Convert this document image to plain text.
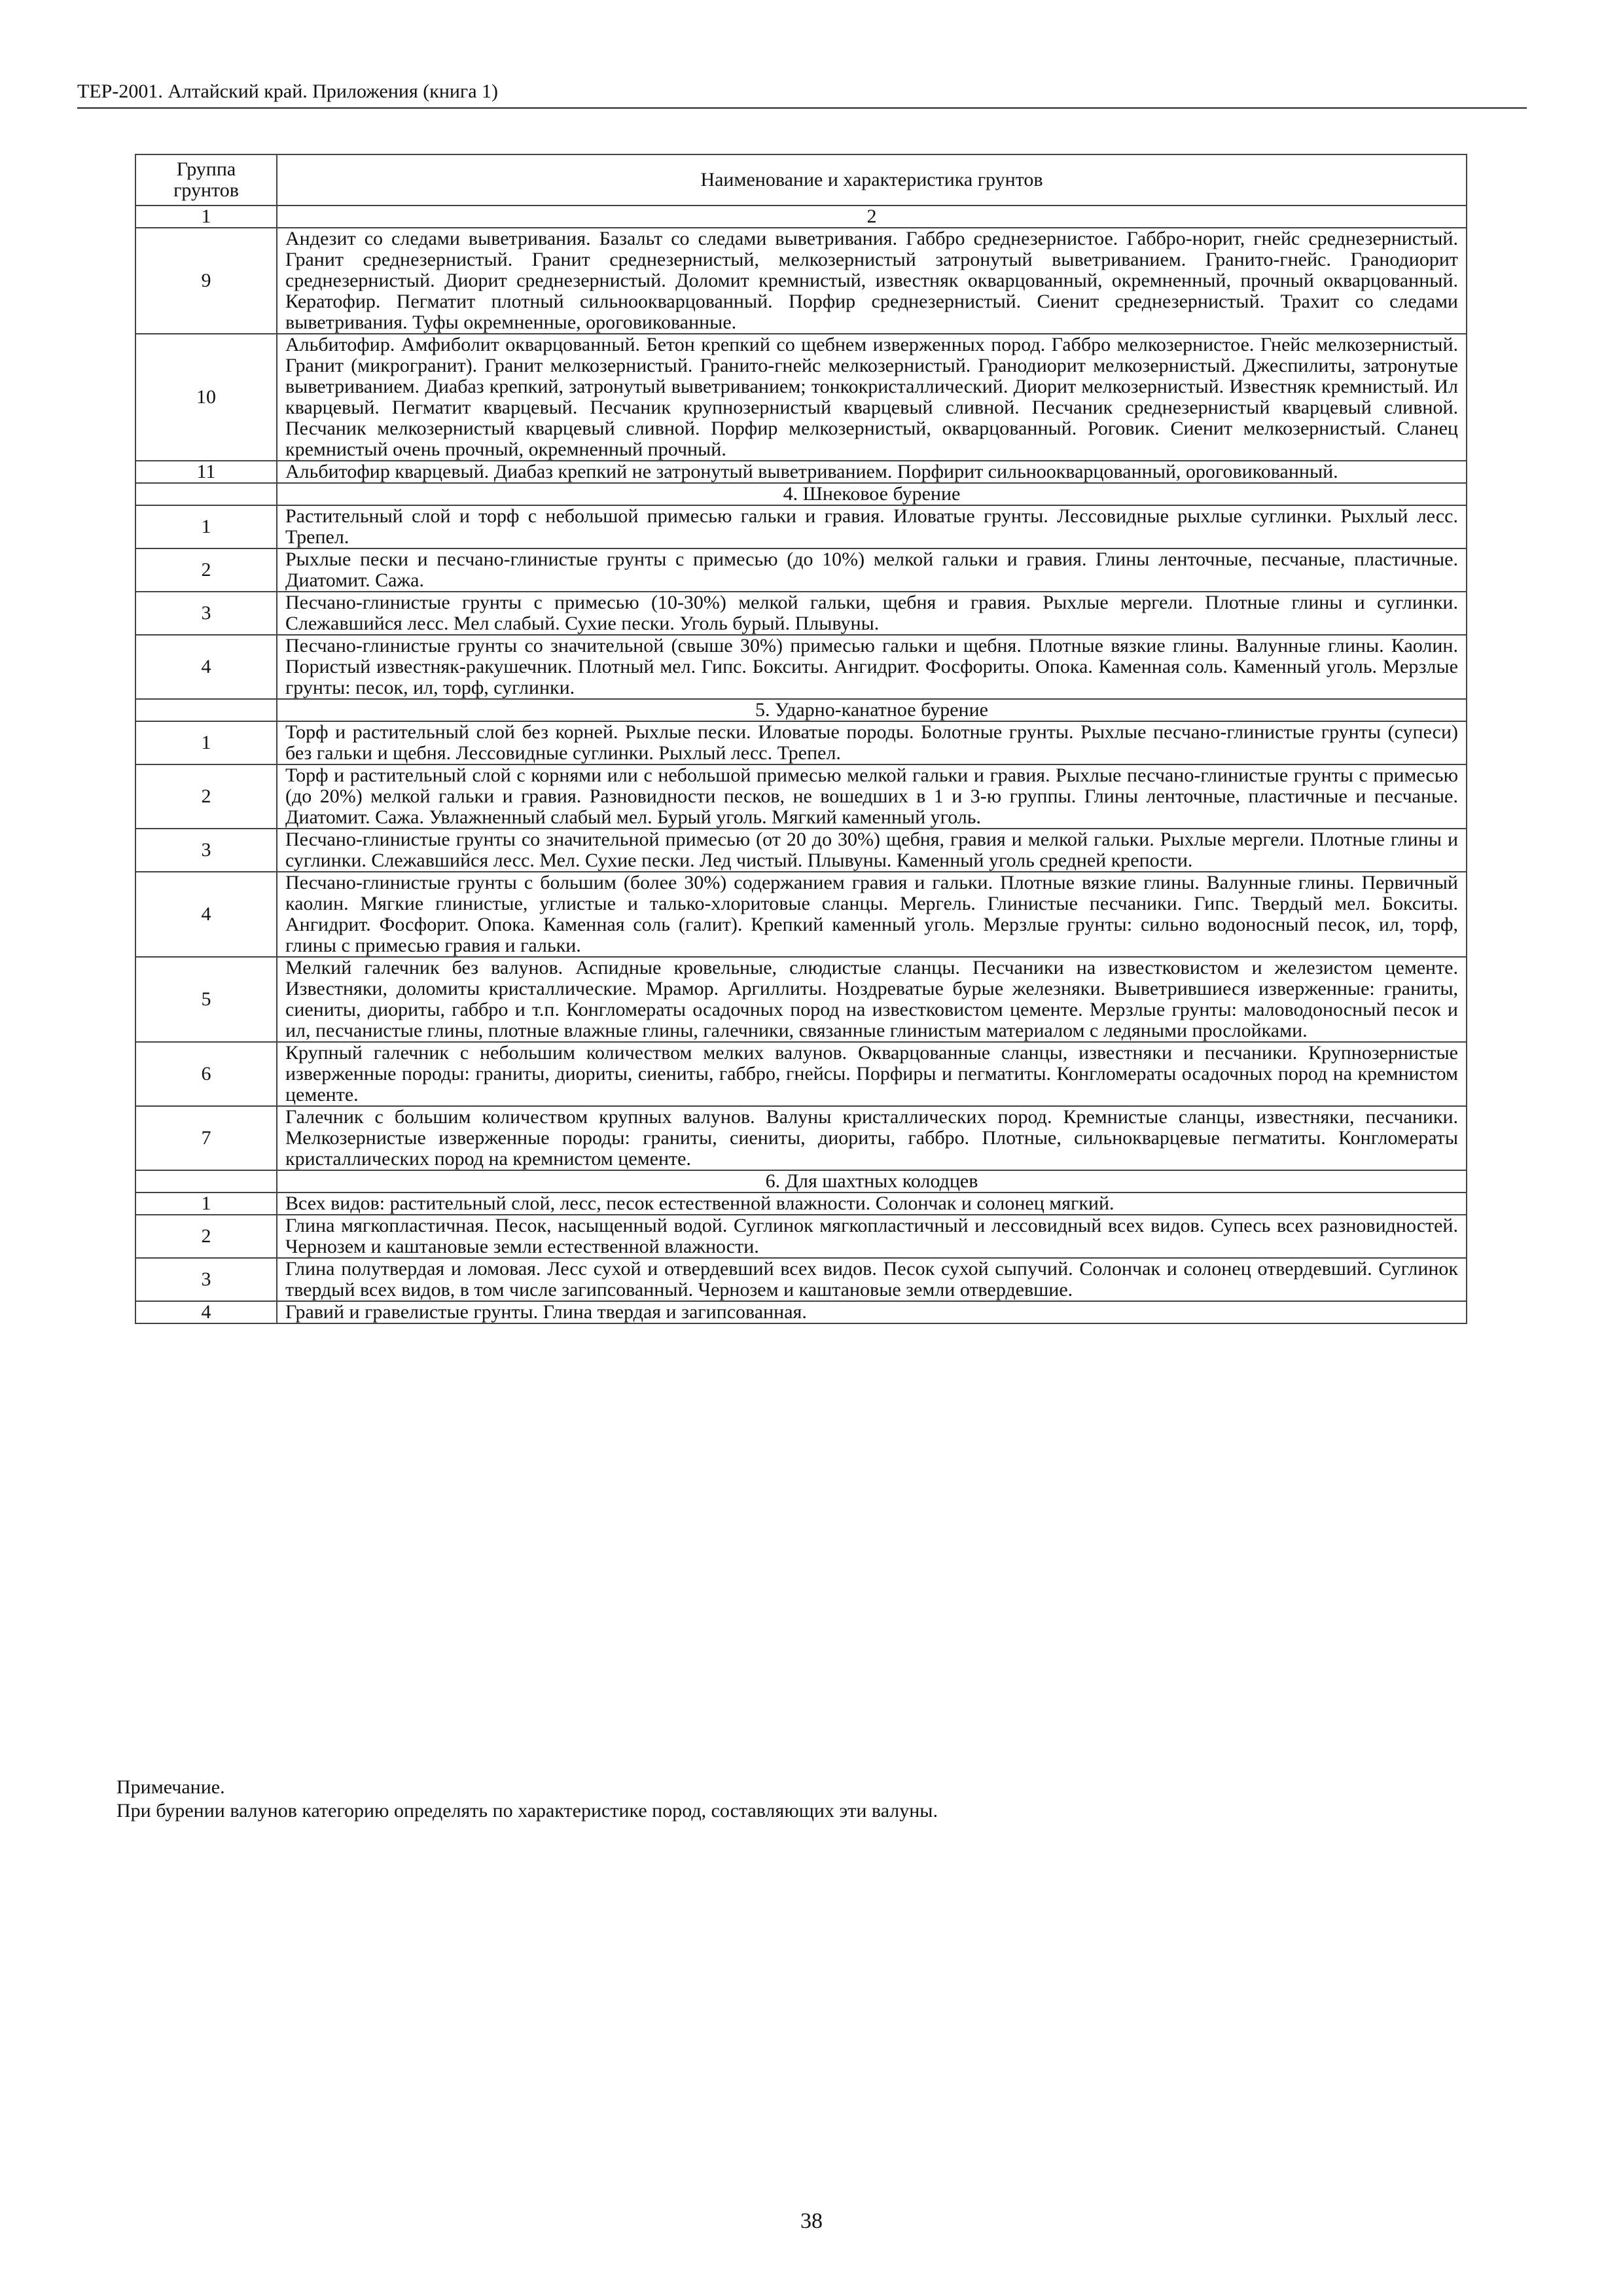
ТЕР-2001. Алтайский край. Приложения (книга 1)
Группа грунтов	Наименование и характеристика грунтов
1	2
9	Андезит со следами выветривания. Базальт со следами выветривания. Габбро среднезернистое. Габбро-норит, гнейс среднезернистый. Гранит среднезернистый. Гранит среднезернистый, мелкозернистый затронутый выветриванием. Гранито-гнейс. Гранодиорит среднезернистый. Диорит среднезернистый. Доломит кремнистый, известняк окварцованный, окремненный, прочный окварцованный. Кератофир. Пегматит плотный сильноокварцованный. Порфир среднезернистый. Сиенит среднезернистый. Трахит со следами выветривания. Туфы окремненные, ороговикованные.
10	Альбитофир. Амфиболит окварцованный. Бетон крепкий со щебнем изверженных пород. Габбро мелкозернистое. Гнейс мелкозернистый. Гранит (микрогранит). Гранит мелкозернистый. Гранито-гнейс мелкозернистый. Гранодиорит мелкозернистый. Джеспилиты, затронутые выветриванием. Диабаз крепкий, затронутый выветриванием; тонкокристаллический. Диорит мелкозернистый. Известняк кремнистый. Ил кварцевый. Пегматит кварцевый. Песчаник крупнозернистый кварцевый сливной. Песчаник среднезернистый кварцевый сливной. Песчаник мелкозернистый кварцевый сливной. Порфир мелкозернистый, окварцованный. Роговик. Сиенит мелкозернистый. Сланец кремнистый очень прочный, окремненный прочный.
11	Альбитофир кварцевый. Диабаз крепкий не затронутый выветриванием. Порфирит сильноокварцованный, ороговикованный.
	4. Шнековое бурение
1	Растительный слой и торф с небольшой примесью гальки и гравия. Иловатые грунты. Лессовидные рыхлые суглинки. Рыхлый лесс. Трепел.
2	Рыхлые пески и песчано-глинистые грунты с примесью (до 10%) мелкой гальки и гравия. Глины ленточные, песчаные, пластичные. Диатомит. Сажа.
3	Песчано-глинистые грунты с примесью (10-30%) мелкой гальки, щебня и гравия. Рыхлые мергели. Плотные глины и суглинки. Слежавшийся лесс. Мел слабый. Сухие пески. Уголь бурый. Плывуны.
4	Песчано-глинистые грунты со значительной (свыше 30%) примесью гальки и щебня. Плотные вязкие глины. Валунные глины. Каолин. Пористый известняк-ракушечник. Плотный мел. Гипс. Бокситы. Ангидрит. Фосфориты. Опока. Каменная соль. Каменный уголь. Мерзлые грунты: песок, ил, торф, суглинки.
	5. Ударно-канатное бурение
1	Торф и растительный слой без корней. Рыхлые пески. Иловатые породы. Болотные грунты. Рыхлые песчано-глинистые грунты (супеси) без гальки и щебня. Лессовидные суглинки. Рыхлый лесс. Трепел.
2	Торф и растительный слой с корнями или с небольшой примесью мелкой гальки и гравия. Рыхлые песчано-глинистые грунты с примесью (до 20%) мелкой гальки и гравия. Разновидности песков, не вошедших в 1 и 3-ю группы. Глины ленточные, пластичные и песчаные. Диатомит. Сажа. Увлажненный слабый мел. Бурый уголь. Мягкий каменный уголь.
3	Песчано-глинистые грунты со значительной примесью (от 20 до 30%) щебня, гравия и мелкой гальки. Рыхлые мергели. Плотные глины и суглинки. Слежавшийся лесс. Мел. Сухие пески. Лед чистый. Плывуны. Каменный уголь средней крепости.
4	Песчано-глинистые грунты с большим (более 30%) содержанием гравия и гальки. Плотные вязкие глины. Валунные глины. Первичный каолин. Мягкие глинистые, углистые и талько-хлоритовые сланцы. Мергель. Глинистые песчаники. Гипс. Твердый мел. Бокситы. Ангидрит. Фосфорит. Опока. Каменная соль (галит). Крепкий каменный уголь. Мерзлые грунты: сильно водоносный песок, ил, торф, глины с примесью гравия и гальки.
5	Мелкий галечник без валунов. Аспидные кровельные, слюдистые сланцы. Песчаники на известковистом и железистом цементе. Известняки, доломиты кристаллические. Мрамор. Аргиллиты. Ноздреватые бурые железняки. Выветрившиеся изверженные: граниты, сиениты, диориты, габбро и т.п. Конгломераты осадочных пород на известковистом цементе. Мерзлые грунты: маловодоносный песок и ил, песчанистые глины, плотные влажные глины, галечники, связанные глинистым материалом с ледяными прослойками.
6	Крупный галечник с небольшим количеством мелких валунов. Окварцованные сланцы, известняки и песчаники. Крупнозернистые изверженные породы: граниты, диориты, сиениты, габбро, гнейсы. Порфиры и пегматиты. Конгломераты осадочных пород на кремнистом цементе.
7	Галечник с большим количеством крупных валунов. Валуны кристаллических пород. Кремнистые сланцы, известняки, песчаники. Мелкозернистые изверженные породы: граниты, сиениты, диориты, габбро. Плотные, сильнокварцевые пегматиты. Конгломераты кристаллических пород на кремнистом цементе.
	6. Для шахтных колодцев
1	Всех видов: растительный слой, лесс, песок естественной влажности. Солончак и солонец мягкий.
2	Глина мягкопластичная. Песок, насыщенный водой. Суглинок мягкопластичный и лессовидный всех видов. Супесь всех разновидностей. Чернозем и каштановые земли естественной влажности.
3	Глина полутвердая и ломовая. Лесс сухой и отвердевший всех видов. Песок сухой сыпучий. Солончак и солонец отвердевший. Суглинок твердый всех видов, в том числе загипсованный. Чернозем и каштановые земли отвердевшие.
4	Гравий и гравелистые грунты. Глина твердая и загипсованная.
Примечание.
При бурении валунов категорию определять по характеристике пород, составляющих эти валуны.
38
